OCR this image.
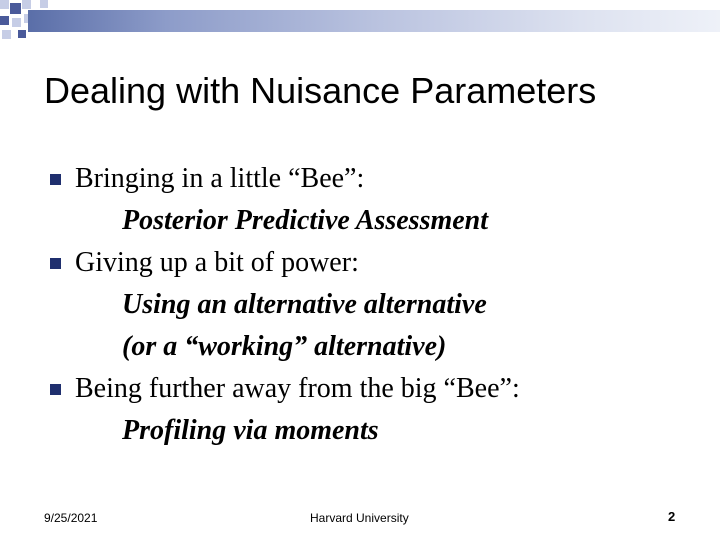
Dealing with Nuisance Parameters
Bringing in a little “Bee”:
Posterior Predictive Assessment
Giving up a bit of power:
Using an alternative alternative
(or a “working” alternative)
Being further away from the big “Bee”:
Profiling via moments
9/25/2021	Harvard University	2
